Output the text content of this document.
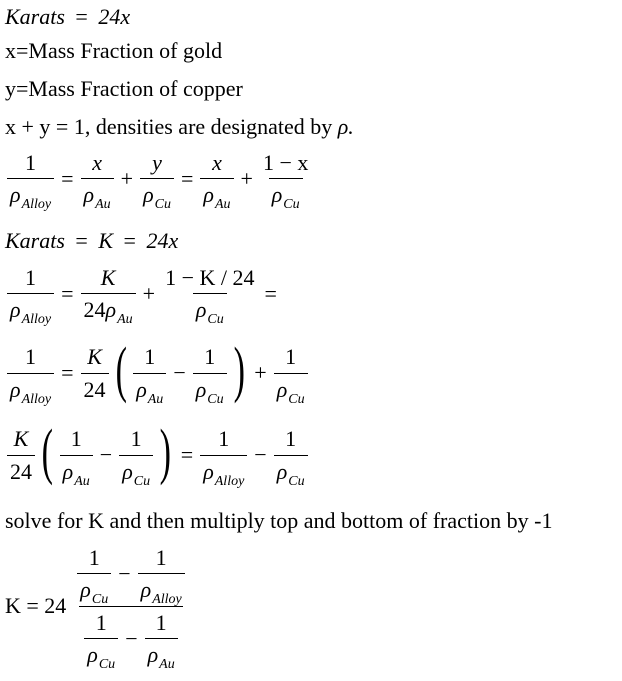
Karats = 24x
x=Mass Fraction of gold
y=Mass Fraction of copper
x + y = 1, densities are designated by ρ.
$\frac{1}{\rho_{Alloy}} = \frac{x}{\rho_{Au}} + \frac{y}{\rho_{Cu}} = \frac{x}{\rho_{Au}} + \frac{1 - x}{\rho_{Cu}}$
Karats = K = 24x
$\frac{1}{\rho_{Alloy}} = \frac{K}{24\rho_{Au}} + \frac{1 - K / 24}{\rho_{Cu}}$ =
$\frac{1}{\rho_{Alloy}} = \frac{K}{24}$ ( $\frac{1}{\rho_{Au}} - \frac{1}{\rho_{Cu}}$ ) + $\frac{1}{\rho_{Cu}}$
$\frac{K}{24}$ ( $\frac{1}{\rho_{Au}} - \frac{1}{\rho_{Cu}}$ ) = $\frac{1}{\rho_{Alloy}} - \frac{1}{\rho_{Cu}}$
solve for K and then multiply top and bottom of fraction by -1
$K = 24 \frac{\frac{1}{\rho_{Cu}} - \frac{1}{\rho_{Alloy}}}{\frac{1}{\rho_{Cu}} - \frac{1}{\rho_{Au}}}$
